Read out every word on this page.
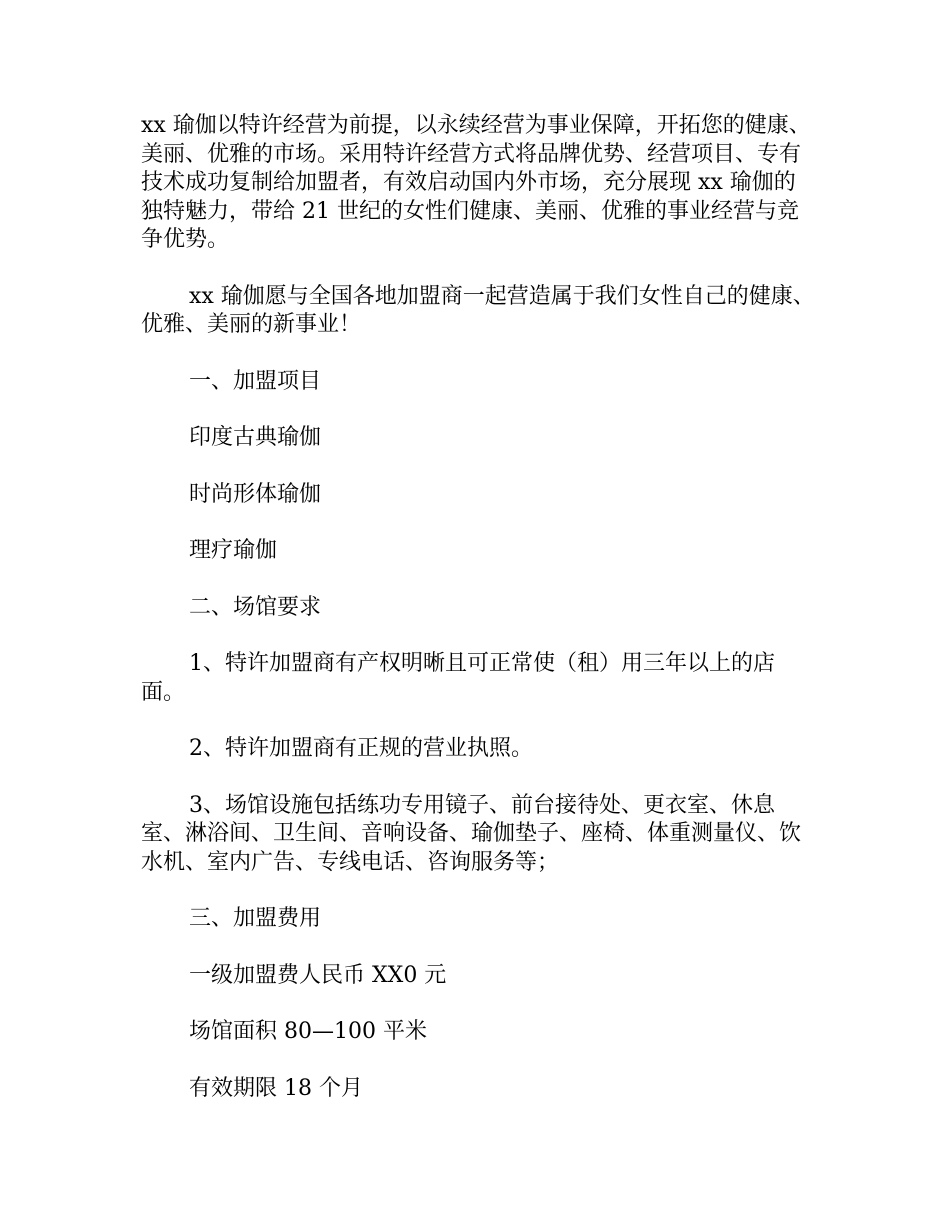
xx 瑜伽以特许经营为前提，以永续经营为事业保障，开拓您的健康、美丽、优雅的市场。采用特许经营方式将品牌优势、经营项目、专有技术成功复制给加盟者，有效启动国内外市场，充分展现 xx 瑜伽的独特魅力，带给 21 世纪的女性们健康、美丽、优雅的事业经营与竞争优势。

xx 瑜伽愿与全国各地加盟商一起营造属于我们女性自己的健康、优雅、美丽的新事业！

一、加盟项目

印度古典瑜伽

时尚形体瑜伽

理疗瑜伽

二、场馆要求

1、特许加盟商有产权明晰且可正常使（租）用三年以上的店面。

2、特许加盟商有正规的营业执照。

3、场馆设施包括练功专用镜子、前台接待处、更衣室、休息室、淋浴间、卫生间、音响设备、瑜伽垫子、座椅、体重测量仪、饮水机、室内广告、专线电话、咨询服务等；

三、加盟费用

一级加盟费人民币 XX0 元

场馆面积 80—100 平米

有效期限 18 个月
